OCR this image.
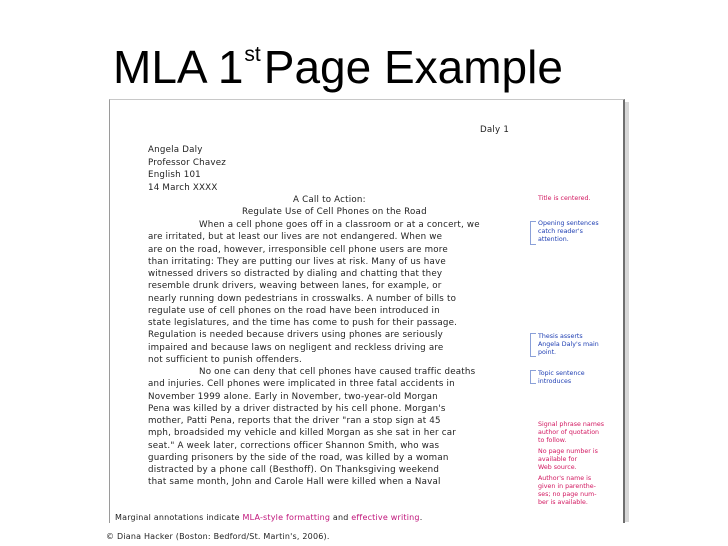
MLA 1stPage Example
Daly 1
Angela Daly
Professor Chavez
English 101
14 March XXXX
A Call to Action:
Regulate Use of Cell Phones on the Road
When a cell phone goes off in a classroom or at a concert, we
are irritated, but at least our lives are not endangered. When we
are on the road, however, irresponsible cell phone users are more
than irritating: They are putting our lives at risk. Many of us have
witnessed drivers so distracted by dialing and chatting that they
resemble drunk drivers, weaving between lanes, for example, or
nearly running down pedestrians in crosswalks. A number of bills to
regulate use of cell phones on the road have been introduced in
state legislatures, and the time has come to push for their passage.
Regulation is needed because drivers using phones are seriously
impaired and because laws on negligent and reckless driving are
not sufficient to punish offenders.
No one can deny that cell phones have caused traffic deaths
and injuries. Cell phones were implicated in three fatal accidents in
November 1999 alone. Early in November, two-year-old Morgan
Pena was killed by a driver distracted by his cell phone. Morgan's
mother, Patti Pena, reports that the driver "ran a stop sign at 45
mph, broadsided my vehicle and killed Morgan as she sat in her car
seat." A week later, corrections officer Shannon Smith, who was
guarding prisoners by the side of the road, was killed by a woman
distracted by a phone call (Besthoff). On Thanksgiving weekend
that same month, John and Carole Hall were killed when a Naval
Title is centered.
Opening sentences
catch reader's
attention.
Thesis asserts
Angela Daly's main
point.
Topic sentence
introduces
Signal phrase names
author of quotation
to follow.
No page number is
available for
Web source.
Author's name is
given in parenthe-
ses; no page num-
ber is available.
Marginal annotations indicate MLA-style formatting and effective writing.
© Diana Hacker (Boston: Bedford/St. Martin's, 2006).
